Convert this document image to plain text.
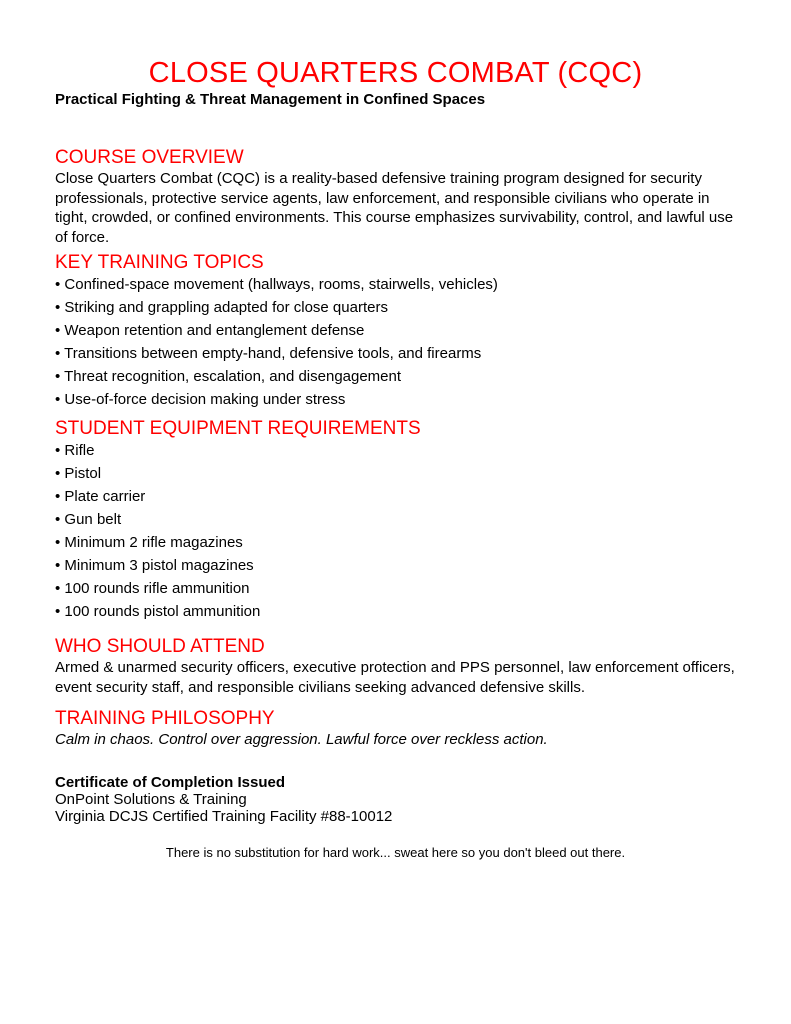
CLOSE QUARTERS COMBAT (CQC)
Practical Fighting & Threat Management in Confined Spaces
COURSE OVERVIEW

Close Quarters Combat (CQC) is a reality-based defensive training program designed for security professionals, protective service agents, law enforcement, and responsible civilians who operate in tight, crowded, or confined environments. This course emphasizes survivability, control, and lawful use of force.

KEY TRAINING TOPICS
• Confined-space movement (hallways, rooms, stairwells, vehicles)
• Striking and grappling adapted for close quarters
• Weapon retention and entanglement defense
• Transitions between empty-hand, defensive tools, and firearms
• Threat recognition, escalation, and disengagement
• Use-of-force decision making under stress
STUDENT EQUIPMENT REQUIREMENTS
• Rifle
• Pistol
• Plate carrier
• Gun belt
• Minimum 2 rifle magazines
• Minimum 3 pistol magazines
• 100 rounds rifle ammunition
• 100 rounds pistol ammunition
WHO SHOULD ATTEND

Armed & unarmed security officers, executive protection and PPS personnel, law enforcement officers, event security staff, and responsible civilians seeking advanced defensive skills.

TRAINING PHILOSOPHY

Calm in chaos. Control over aggression. Lawful force over reckless action.

Certificate of Completion Issued
OnPoint Solutions & Training
Virginia DCJS Certified Training Facility #88-10012
There is no substitution for hard work... sweat here so you don't bleed out there.
